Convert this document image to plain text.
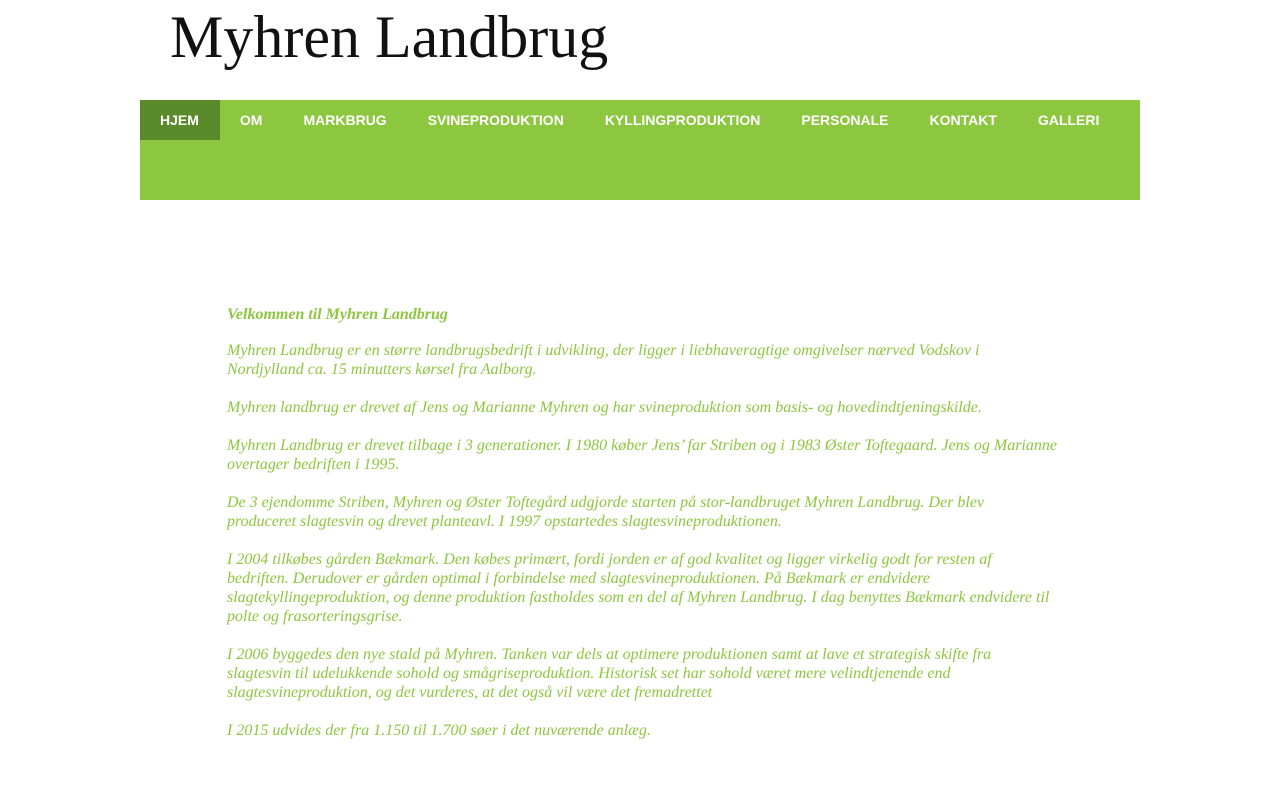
Myhren Landbrug
HJEM	OM	MARKBRUG	SVINEPRODUKTION	KYLLINGPRODUKTION	PERSONALE	KONTAKT	GALLERI

Velkommen til Myhren Landbrug

Myhren Landbrug er en større landbrugsbedrift i udvikling, der ligger i liebhaveragtige omgivelser nærved Vodskov i Nordjylland ca. 15 minutters kørsel fra Aalborg.

Myhren landbrug er drevet af Jens og Marianne Myhren og har svineproduktion som basis- og hovedindtjeningskilde.

Myhren Landbrug er drevet tilbage i 3 generationer. I 1980 køber Jens’ far Striben og i 1983 Øster Toftegaard. Jens og Marianne overtager bedriften i 1995.

De 3 ejendomme Striben, Myhren og Øster Toftegård udgjorde starten på stor-landbruget Myhren Landbrug. Der blev produceret slagtesvin og drevet planteavl. I 1997 opstartedes slagtesvineproduktionen.

I 2004 tilkøbes gården Bækmark. Den købes primært, fordi jorden er af god kvalitet og ligger virkelig godt for resten af bedriften. Derudover er gården optimal i forbindelse med slagtesvineproduktionen. På Bækmark er endvidere slagtekyllingeproduktion, og denne produktion fastholdes som en del af Myhren Landbrug. I dag benyttes Bækmark endvidere til polte og frasorteringsgrise.

I 2006 byggedes den nye stald på Myhren. Tanken var dels at optimere produktionen samt at lave et strategisk skifte fra slagtesvin til udelukkende sohold og smågriseproduktion. Historisk set har sohold været mere velindtjenende end slagtesvineproduktion, og det vurderes, at det også vil være det fremadrettet

I 2015 udvides der fra 1.150 til 1.700 søer i det nuværende anlæg.
